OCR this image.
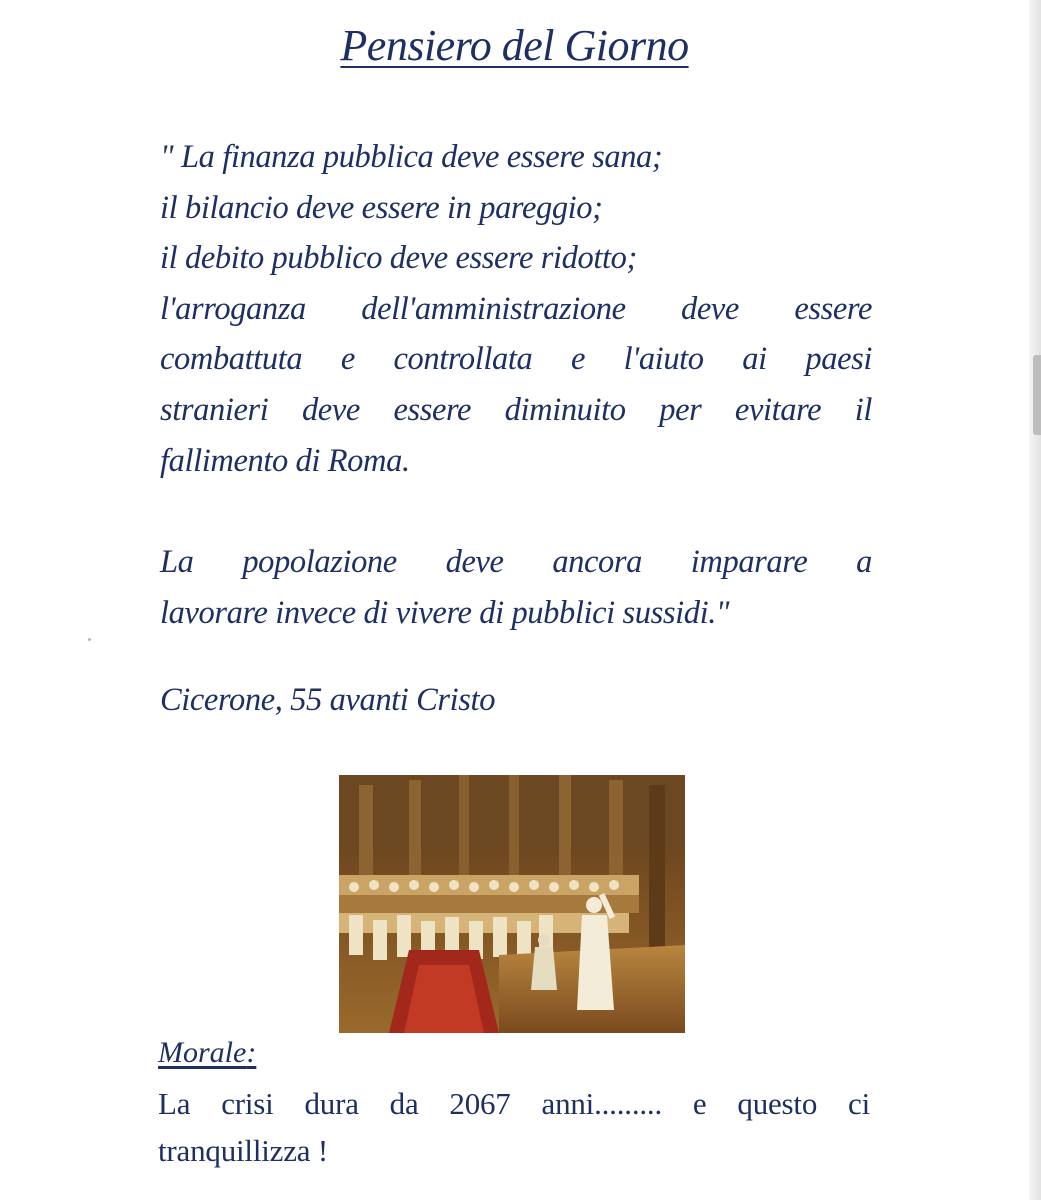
Pensiero del Giorno
" La finanza pubblica deve essere sana;
il bilancio deve essere in pareggio;
il debito pubblico deve essere ridotto;
l'arroganza dell'amministrazione deve essere
combattuta e controllata e l'aiuto ai paesi
stranieri deve essere diminuito per evitare il
fallimento di Roma.
La popolazione deve ancora imparare a
lavorare invece di vivere di pubblici sussidi."
Cicerone, 55 avanti Cristo
Morale:
La crisi dura da 2067 anni......... e questo ci
tranquillizza !
